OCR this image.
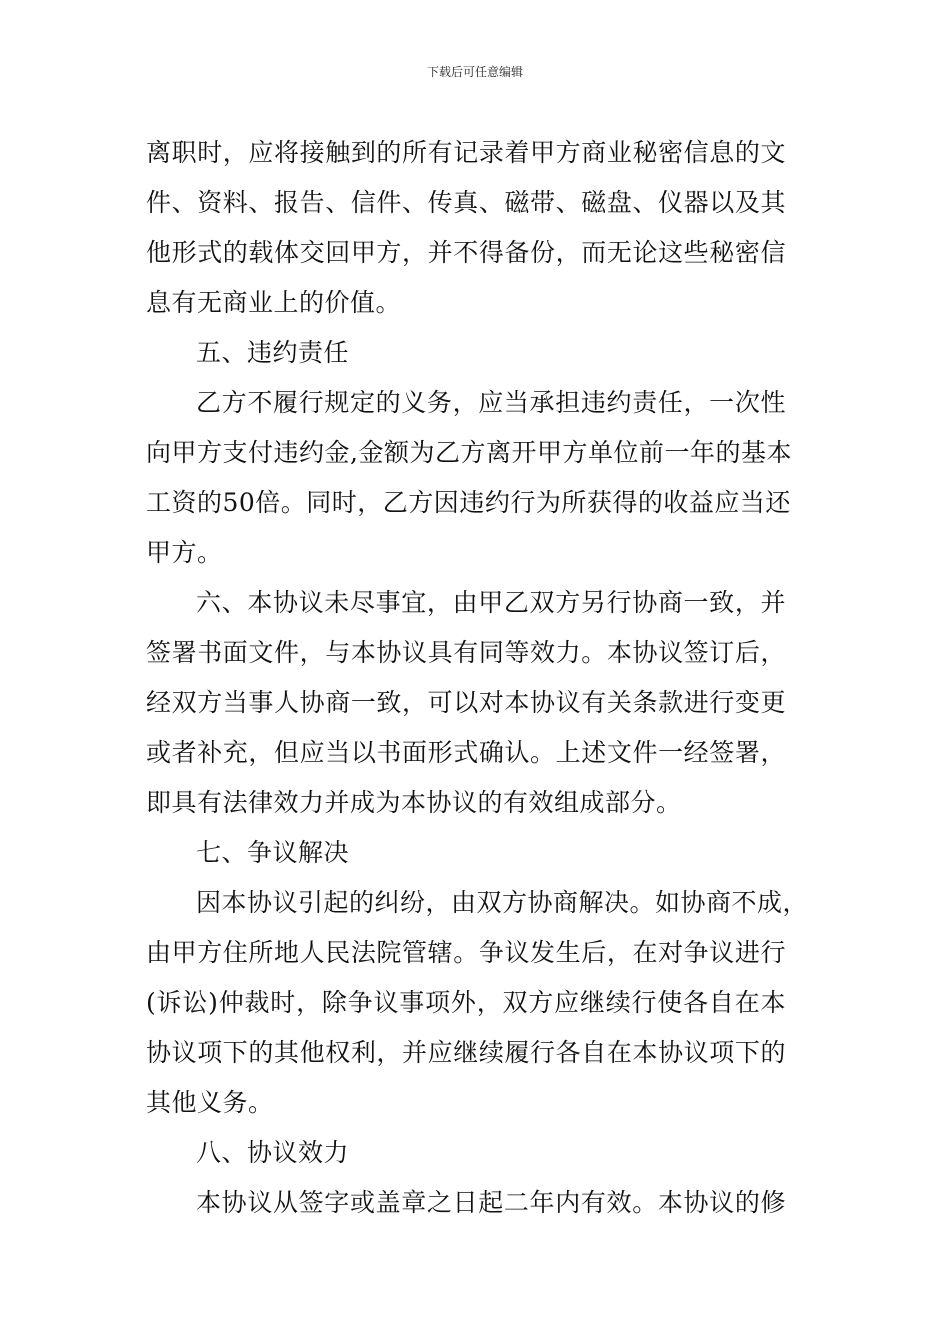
下载后可任意编辑
离职时，应将接触到的所有记录着甲方商业秘密信息的文
件、资料、报告、信件、传真、磁带、磁盘、仪器以及其
他形式的载体交回甲方，并不得备份，而无论这些秘密信
息有无商业上的价值。
五、违约责任
乙方不履行规定的义务，应当承担违约责任，一次性
向甲方支付违约金,金额为乙方离开甲方单位前一年的基本
工资的50倍。同时，乙方因违约行为所获得的收益应当还
甲方。
六、本协议未尽事宜，由甲乙双方另行协商一致，并
签署书面文件，与本协议具有同等效力。本协议签订后，
经双方当事人协商一致，可以对本协议有关条款进行变更
或者补充，但应当以书面形式确认。上述文件一经签署，
即具有法律效力并成为本协议的有效组成部分。
七、争议解决
因本协议引起的纠纷，由双方协商解决。如协商不成，
由甲方住所地人民法院管辖。争议发生后，在对争议进行
(诉讼)仲裁时，除争议事项外，双方应继续行使各自在本
协议项下的其他权利，并应继续履行各自在本协议项下的
其他义务。
八、协议效力
本协议从签字或盖章之日起二年内有效。本协议的修
